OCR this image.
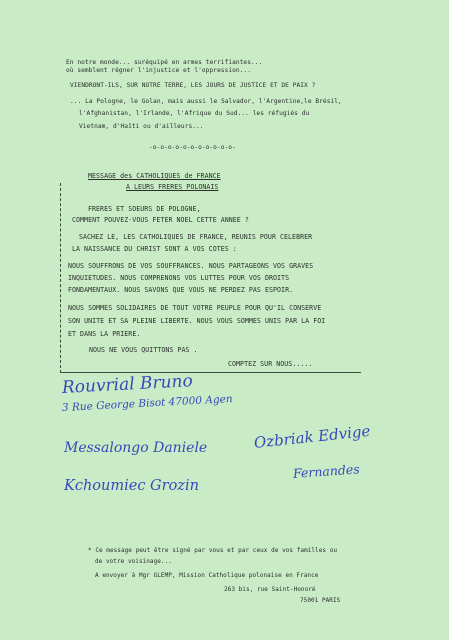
En notre monde... suréquipé en armes terrifiantes...
où semblent régner l'injustice et l'oppression...
VIENDRONT-ILS, SUR NOTRE TERRE, LES JOURS DE JUSTICE ET DE PAIX ?
... La Pologne, le Golan, mais aussi le Salvador, l'Argentine,le Brésil,
l'Afghanistan, l'Irlande, l'Afrique du Sud... les réfugiés du
Vietnam, d'Haïti ou d'ailleurs...
-o-o-o-o-o-o-o-o-o-o-o-
MESSAGE des CATHOLIQUES de FRANCE
A LEURS FRERES POLONAIS
FRERES ET SOEURS DE POLOGNE,
COMMENT POUVEZ-VOUS FETER NOEL CETTE ANNEE ?
SACHEZ LE, LES CATHOLIQUES DE FRANCE, REUNIS POUR CELEBRER
LA NAISSANCE DU CHRIST SONT A VOS COTES :
NOUS SOUFFRONS DE VOS SOUFFRANCES. NOUS PARTAGEONS VOS GRAVES
INQUIETUDES. NOUS COMPRENONS VOS LUTTES POUR VOS DROITS
FONDAMENTAUX. NOUS SAVONS QUE VOUS NE PERDEZ PAS ESPOIR.
NOUS SOMMES SOLIDAIRES DE TOUT VOTRE PEUPLE POUR QU'IL CONSERVE
SON UNITE ET SA PLEINE LIBERTE. NOUS VOUS SOMMES UNIS PAR LA FOI
ET DANS LA PRIERE.
NOUS NE VOUS QUITTONS PAS .
COMPTEZ SUR NOUS.....
Rouvrial Bruno
3 Rue George Bisot 47000 Agen
Messalongo Daniele	Ozbriak Edvige
Fernandes
Kchoumiec Grozin
* Ce message peut être signé par vous et par ceux de vos familles ou
de votre voisinage...
A envoyer à Mgr GLEMP, Mission Catholique polonaise en France
263 bis, rue Saint-Honoré
75001 PARIS
